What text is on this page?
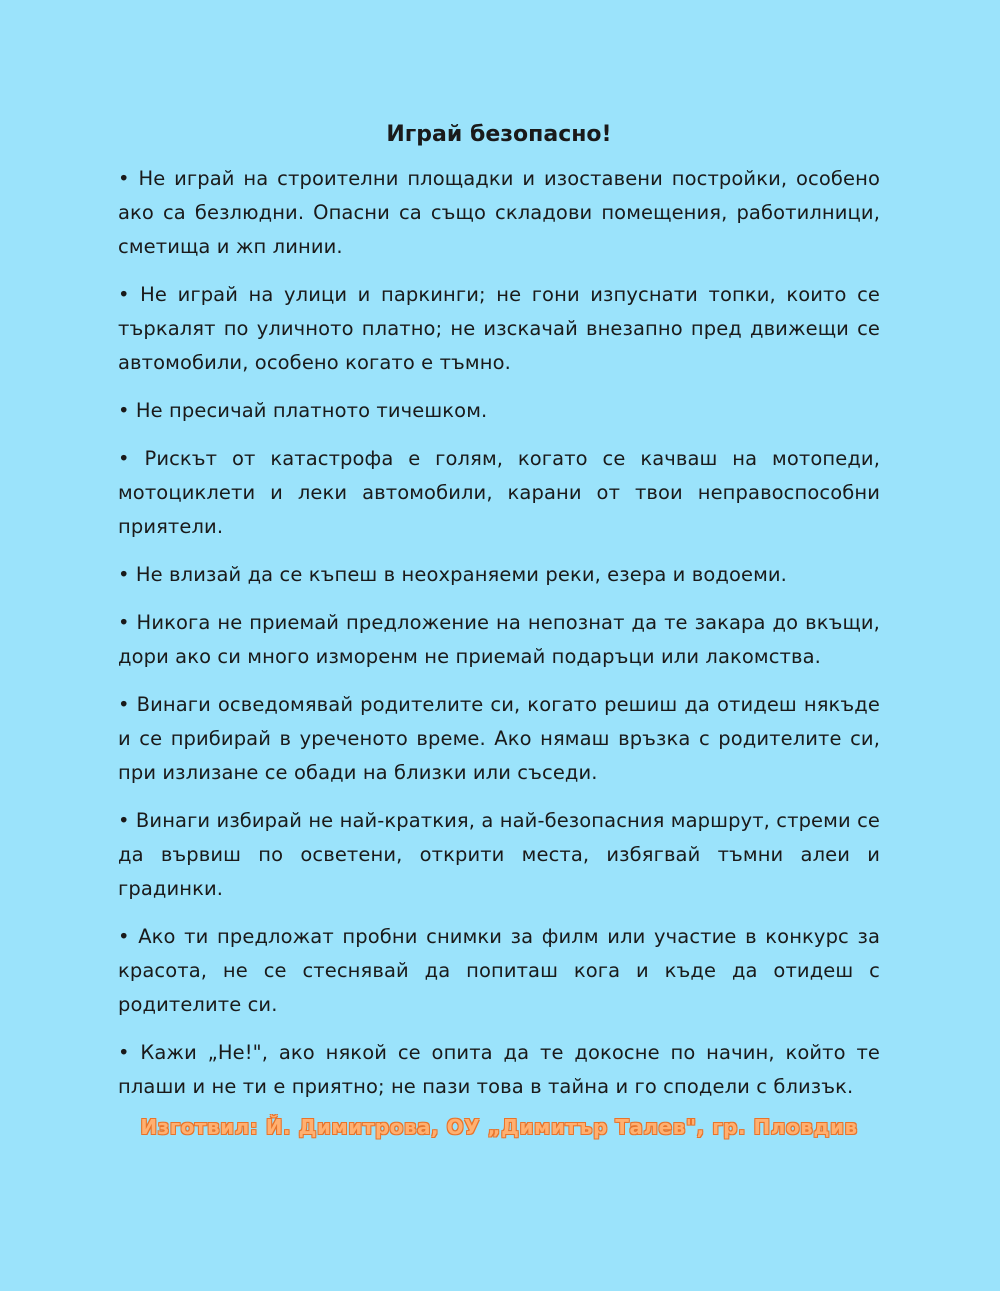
Играй безопасно!
• Не играй на строителни площадки и изоставени постройки, особено ако са безлюдни. Опасни са също складови помещения, работилници, сметища и жп линии.
• Не играй на улици и паркинги; не гони изпуснати топки, които се търкалят по уличното платно; не изскачай внезапно пред движещи се автомобили, особено когато е тъмно.
• Не пресичай платното тичешком.
• Рискът от катастрофа е голям, когато се качваш на мотопеди, мотоциклети и леки автомобили, карани от твои неправоспособни приятели.
• Не влизай да се къпеш в неохраняеми реки, езера и водоеми.
• Никога не приемай предложение на непознат да те закара до вкъщи, дори ако си много изморенм не приемай подаръци или лакомства.
• Винаги осведомявай родителите си, когато решиш да отидеш някъде и се прибирай в уреченото време. Ако нямаш връзка с родителите си, при излизане се обади на близки или съседи.
• Винаги избирай не най-краткия, а най-безопасния маршрут, стреми се да вървиш по осветени, открити места, избягвай тъмни алеи и градинки.
• Ако ти предложат пробни снимки за филм или участие в конкурс за красота, не се стеснявай да попиташ кога и къде да отидеш с родителите си.
• Кажи „Не!", ако някой се опита да те докосне по начин, който те плаши и не ти е приятно; не пази това в тайна и го сподели с близък.
Изготвил: Й. Димитрова, ОУ „Димитър Талев", гр. Пловдив
